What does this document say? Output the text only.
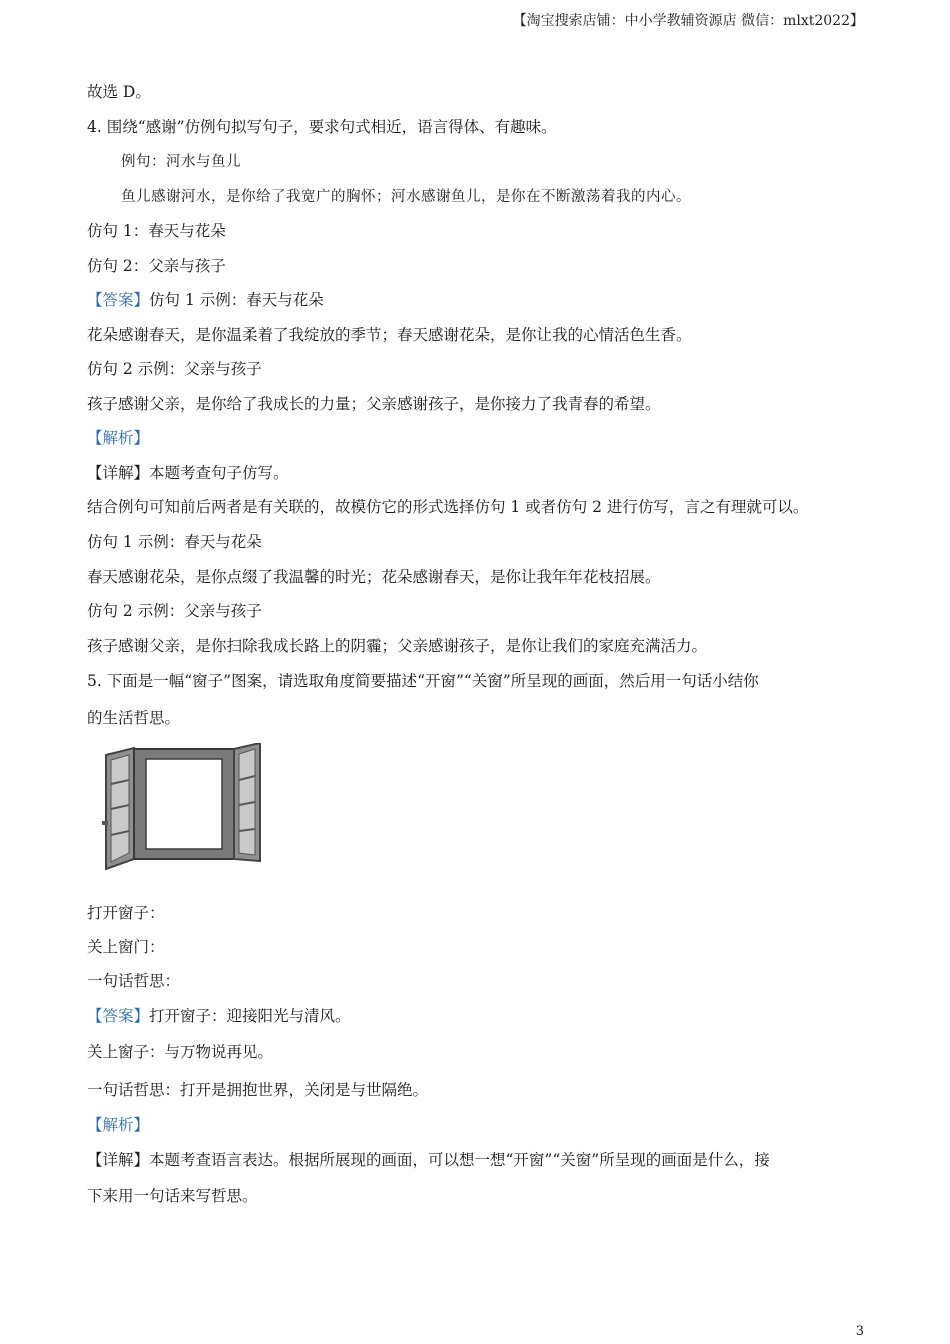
【淘宝搜索店铺：中小学教辅资源店 微信：mlxt2022】
故选 D。
4. 围绕“感谢”仿例句拟写句子，要求句式相近，语言得体、有趣味。
例句：河水与鱼儿
鱼儿感谢河水，是你给了我宽广的胸怀；河水感谢鱼儿，是你在不断激荡着我的内心。
仿句 1：春天与花朵
仿句 2：父亲与孩子
【答案】仿句 1 示例：春天与花朵
花朵感谢春天，是你温柔着了我绽放的季节；春天感谢花朵，是你让我的心情活色生香。
仿句 2 示例：父亲与孩子
孩子感谢父亲，是你给了我成长的力量；父亲感谢孩子，是你接力了我青春的希望。
【解析】
【详解】本题考查句子仿写。
结合例句可知前后两者是有关联的，故模仿它的形式选择仿句 1 或者仿句 2 进行仿写，言之有理就可以。
仿句 1 示例：春天与花朵
春天感谢花朵，是你点缀了我温馨的时光；花朵感谢春天，是你让我年年花枝招展。
仿句 2 示例：父亲与孩子
孩子感谢父亲，是你扫除我成长路上的阴霾；父亲感谢孩子，是你让我们的家庭充满活力。
5. 下面是一幅“窗子”图案，请选取角度简要描述“开窗”“关窗”所呈现的画面，然后用一句话小结你
的生活哲思。
打开窗子：
关上窗门：
一句话哲思：
【答案】打开窗子：迎接阳光与清风。
关上窗子：与万物说再见。
一句话哲思：打开是拥抱世界，关闭是与世隔绝。
【解析】
【详解】本题考查语言表达。根据所展现的画面，可以想一想“开窗”“关窗”所呈现的画面是什么，接
下来用一句话来写哲思。
3
